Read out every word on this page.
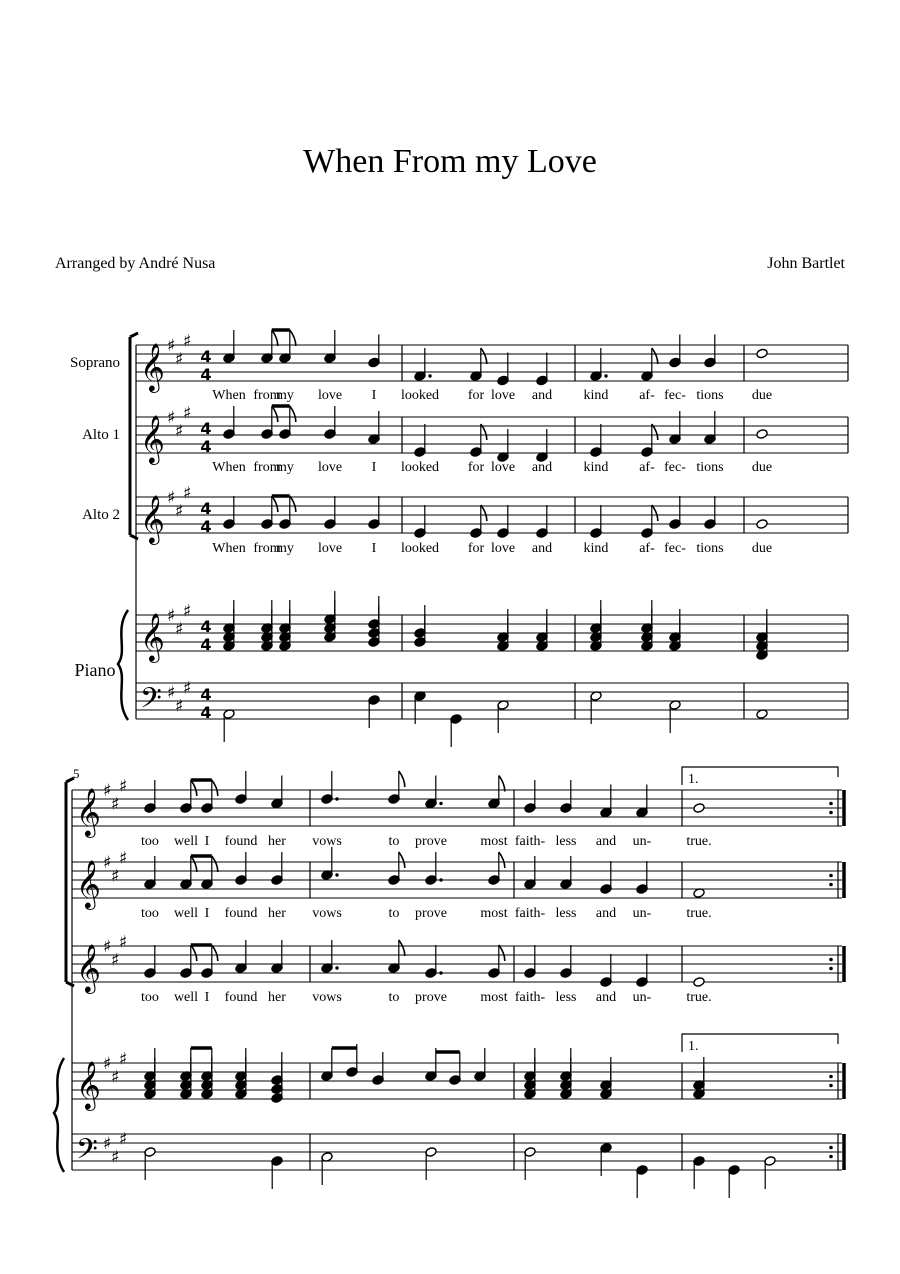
When From my Love
Arranged by André Nusa	John Bartlet
𝄞 ♯
♯
♯
4
4
𝄞 ♯
♯
♯
4
4
𝄞 ♯
♯
♯
4
4
𝄞 ♯
♯
♯
4
4
𝄢 ♯
♯
♯ 4
4
Soprano
Alto 1
Alto 2
Piano
When from
my love I looked for love and kind af- fec- tions due
When from
my love I looked for love and kind af- fec- tions due
When from
my love I looked for love and kind af- fec- tions due
𝄞 ♯
♯
♯
𝄞 ♯
♯
♯
𝄞 ♯
♯
♯
𝄞 ♯
♯
♯
𝄢 ♯
♯
♯
5	1.
1.
too well I found her vows	to prove most faith- less and un-	true.
too well I found her vows	to prove most faith- less and un-	true.
too well I found her vows	to prove most faith- less and un-	true.
